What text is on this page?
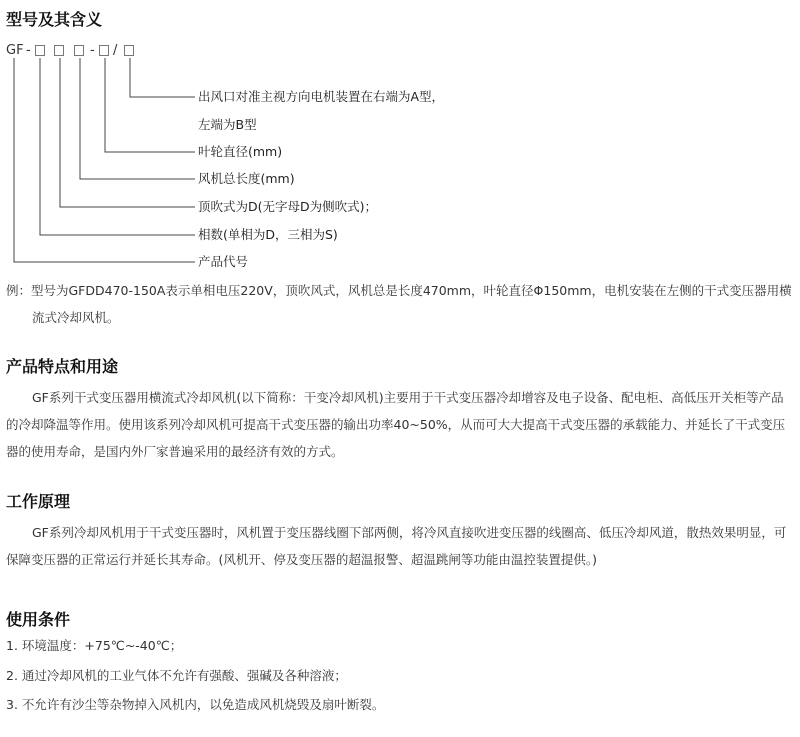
型号及其含义
GF -	- /
出风口对准主视方向电机装置在右端为A型，
左端为B型
叶轮直径(mm)
风机总长度(mm)
顶吹式为D(无字母D为侧吹式)；
相数(单相为D，三相为S)
产品代号

例：型号为GFDD470-150A表示单相电压220V，顶吹风式，风机总是长度470mm，叶轮直径Φ150mm，电机安装在左侧的干式变压器用横流式冷却风机。

产品特点和用途

GF系列干式变压器用横流式冷却风机(以下简称：干变冷却风机)主要用于干式变压器冷却增容及电子设备、配电柜、高低压开关柜等产品的冷却降温等作用。使用该系列冷却风机可提高干式变压器的输出功率40~50%，从而可大大提高干式变压器的承载能力、并延长了干式变压器的使用寿命，是国内外厂家普遍采用的最经济有效的方式。

工作原理

GF系列冷却风机用于干式变压器时，风机置于变压器线圈下部两侧，将冷风直接吹进变压器的线圈高、低压冷却风道，散热效果明显，可保障变压器的正常运行并延长其寿命。(风机开、停及变压器的超温报警、超温跳闸等功能由温控装置提供。)

使用条件
1. 环境温度：+75℃~-40℃；
2. 通过冷却风机的工业气体不允许有强酸、强碱及各种溶液；
3. 不允许有沙尘等杂物掉入风机内，以免造成风机烧毁及扇叶断裂。
